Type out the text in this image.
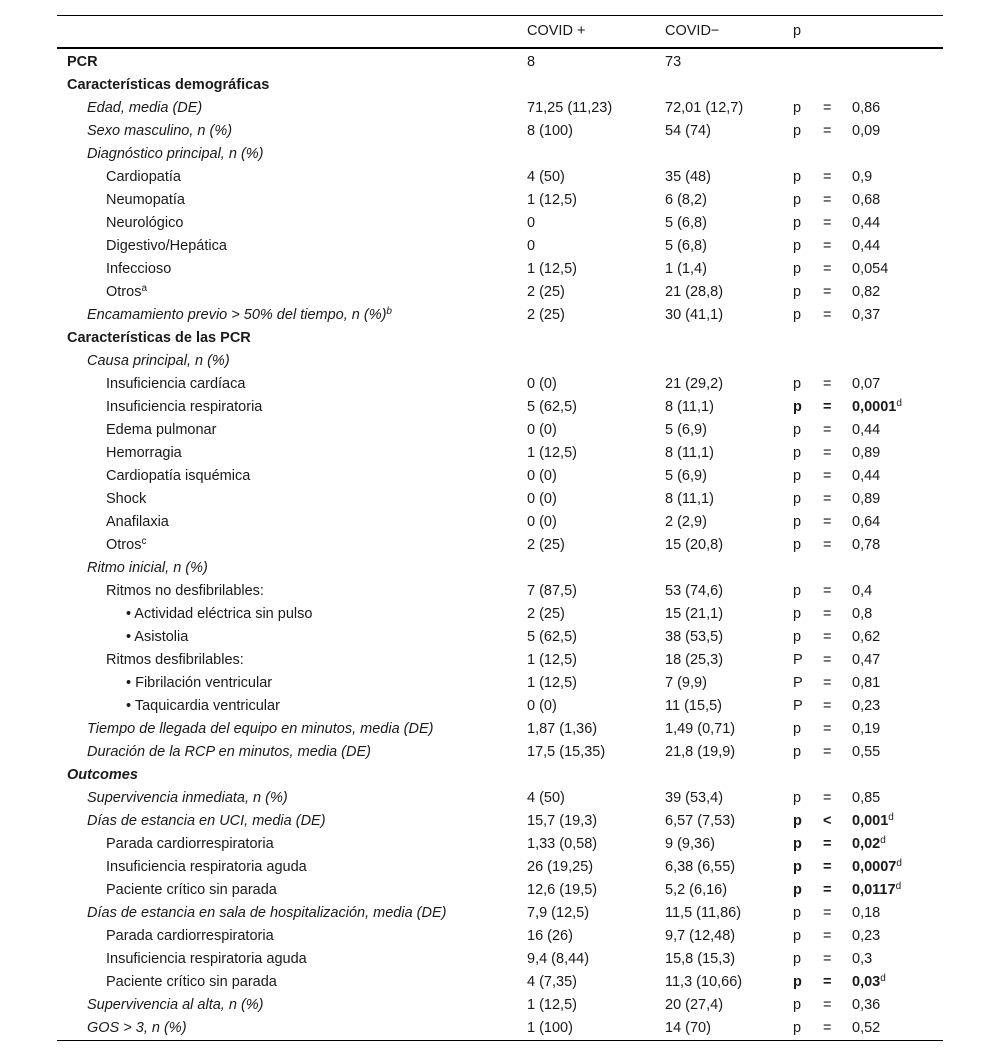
	COVID +	COVID−	p		
PCR	8	73			
Características demográficas					
Edad, media (DE)	71,25 (11,23)	72,01 (12,7)	p	=	0,86
Sexo masculino, n (%)	8 (100)	54 (74)	p	=	0,09
Diagnóstico principal, n (%)					
Cardiopatía	4 (50)	35 (48)	p	=	0,9
Neumopatía	1 (12,5)	6 (8,2)	p	=	0,68
Neurológico	0	5 (6,8)	p	=	0,44
Digestivo/Hepática	0	5 (6,8)	p	=	0,44
Infeccioso	1 (12,5)	1 (1,4)	p	=	0,054
Otros$^a$	2 (25)	21 (28,8)	p	=	0,82
Encamamiento previo > 50% del tiempo, n (%)$^b$	2 (25)	30 (41,1)	p	=	0,37
Características de las PCR					
Causa principal, n (%)					
Insuficiencia cardíaca	0 (0)	21 (29,2)	p	=	0,07
Insuficiencia respiratoria	5 (62,5)	8 (11,1)	p	=	0,0001$^d$
Edema pulmonar	0 (0)	5 (6,9)	p	=	0,44
Hemorragia	1 (12,5)	8 (11,1)	p	=	0,89
Cardiopatía isquémica	0 (0)	5 (6,9)	p	=	0,44
Shock	0 (0)	8 (11,1)	p	=	0,89
Anafilaxia	0 (0)	2 (2,9)	p	=	0,64
Otros$^c$	2 (25)	15 (20,8)	p	=	0,78
Ritmo inicial, n (%)					
Ritmos no desfibrilables:	7 (87,5)	53 (74,6)	p	=	0,4
• Actividad eléctrica sin pulso	2 (25)	15 (21,1)	p	=	0,8
• Asistolia	5 (62,5)	38 (53,5)	p	=	0,62
Ritmos desfibrilables:	1 (12,5)	18 (25,3)	P	=	0,47
• Fibrilación ventricular	1 (12,5)	7 (9,9)	P	=	0,81
• Taquicardia ventricular	0 (0)	11 (15,5)	P	=	0,23
Tiempo de llegada del equipo en minutos, media (DE)	1,87 (1,36)	1,49 (0,71)	p	=	0,19
Duración de la RCP en minutos, media (DE)	17,5 (15,35)	21,8 (19,9)	p	=	0,55
Outcomes					
Supervivencia inmediata, n (%)	4 (50)	39 (53,4)	p	=	0,85
Días de estancia en UCI, media (DE)	15,7 (19,3)	6,57 (7,53)	p	<	0,001$^d$
Parada cardiorrespiratoria	1,33 (0,58)	9 (9,36)	p	=	0,02$^d$
Insuficiencia respiratoria aguda	26 (19,25)	6,38 (6,55)	p	=	0,0007$^d$
Paciente crítico sin parada	12,6 (19,5)	5,2 (6,16)	p	=	0,0117$^d$
Días de estancia en sala de hospitalización, media (DE)	7,9 (12,5)	11,5 (11,86)	p	=	0,18
Parada cardiorrespiratoria	16 (26)	9,7 (12,48)	p	=	0,23
Insuficiencia respiratoria aguda	9,4 (8,44)	15,8 (15,3)	p	=	0,3
Paciente crítico sin parada	4 (7,35)	11,3 (10,66)	p	=	0,03$^d$
Supervivencia al alta, n (%)	1 (12,5)	20 (27,4)	p	=	0,36
GOS > 3, n (%)	1 (100)	14 (70)	p	=	0,52
